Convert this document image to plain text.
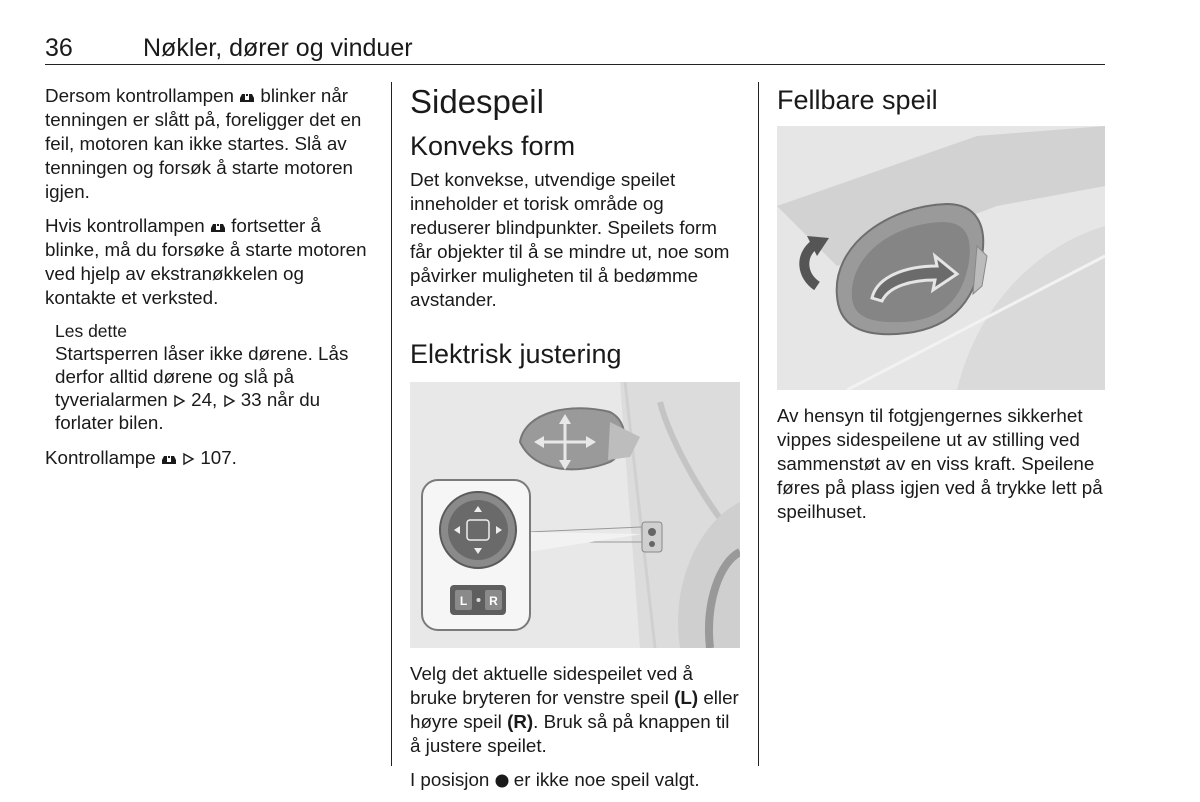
36	Nøkler, dører og vinduer

Dersom kontrollampen blinker når tenningen er slått på, foreligger det en feil, motoren kan ikke startes. Slå av tenningen og forsøk å starte motoren igjen.

Hvis kontrollampen fortsetter å blinke, må du forsøke å starte motoren ved hjelp av ekstranøkkelen og kontakte et verksted.

Les dette
Startsperren låser ikke dørene. Lås derfor alltid dørene og slå på tyverialarmen 24, 33 når du forlater bilen.

Kontrollampe 107.

Sidespeil
Konveks form

Det konvekse, utvendige speilet inneholder et torisk område og reduserer blindpunkter. Speilets form får objekter til å se mindre ut, noe som påvirker muligheten til å bedømme avstander.

Elektrisk justering
L R

Velg det aktuelle sidespeilet ved å bruke bryteren for venstre speil (L) eller høyre speil (R). Bruk så på knappen til å justere speilet.

I posisjon er ikke noe speil valgt.

Fellbare speil

Av hensyn til fotgjengernes sikkerhet vippes sidespeilene ut av stilling ved sammenstøt av en viss kraft. Speilene føres på plass igjen ved å trykke lett på speilhuset.
